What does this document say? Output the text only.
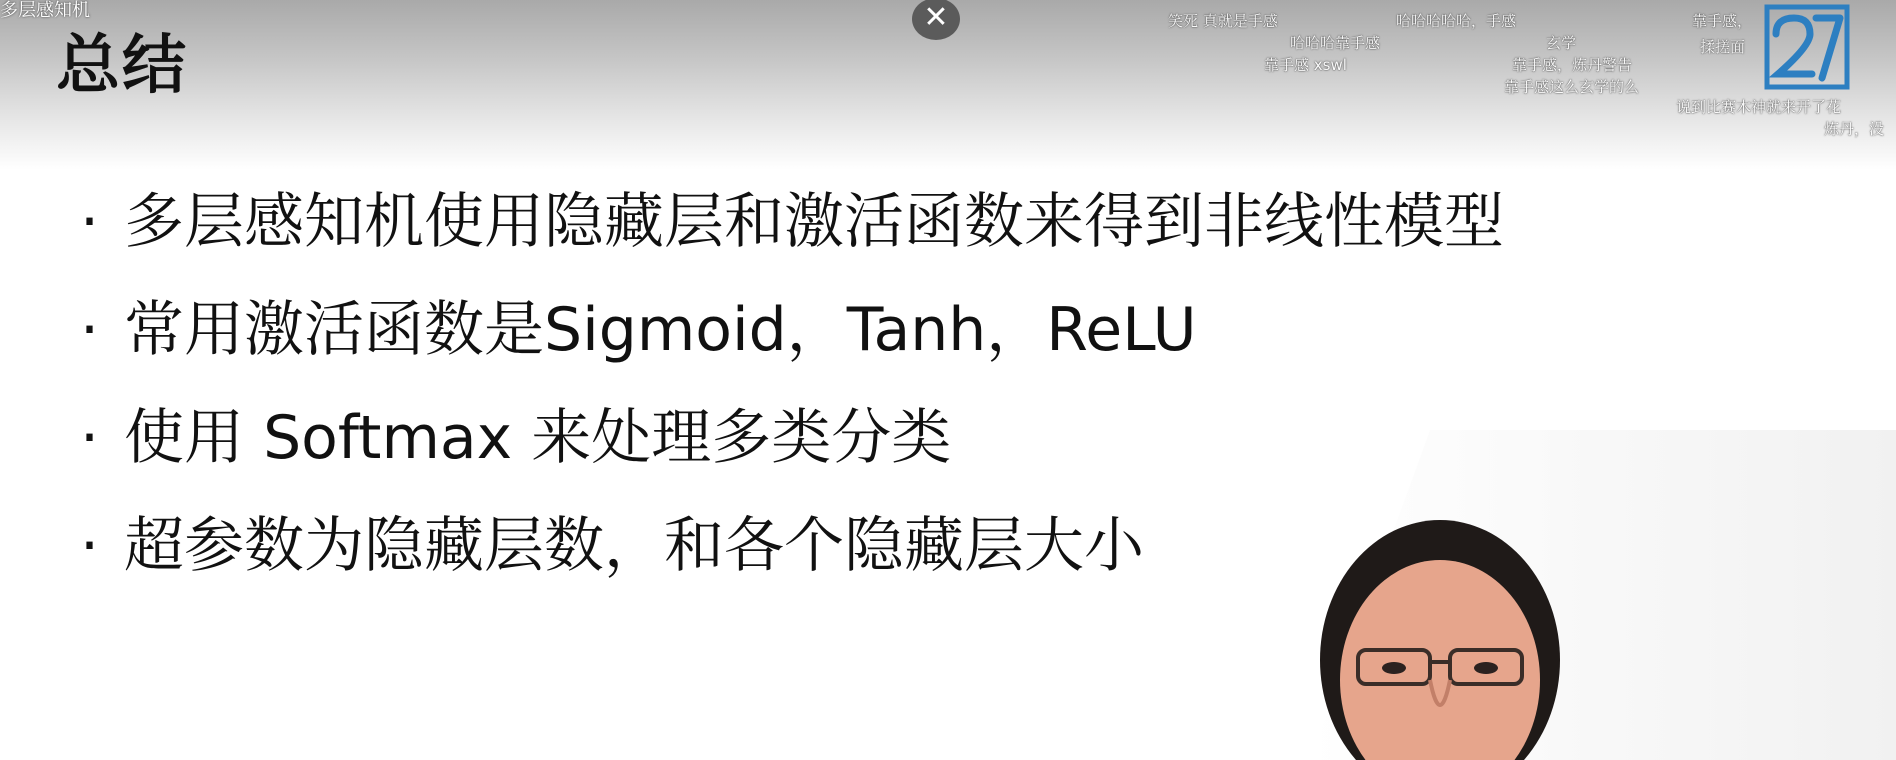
多层感知机
总结
笑死 真就是手感	哈哈哈哈哈，手感
哈哈哈靠手感
靠手感 xswl	靠手感，炼丹警告
靠手感这么玄学的么
说到比赛木神就来开了花
炼丹，没
玄学
靠手感，
揉搓面
✕
· 多层感知机使用隐藏层和激活函数来得到非线性模型
· 常用激活函数是Sigmoid，Tanh，ReLU
· 使用 Softmax 来处理多类分类
· 超参数为隐藏层数，和各个隐藏层大小
